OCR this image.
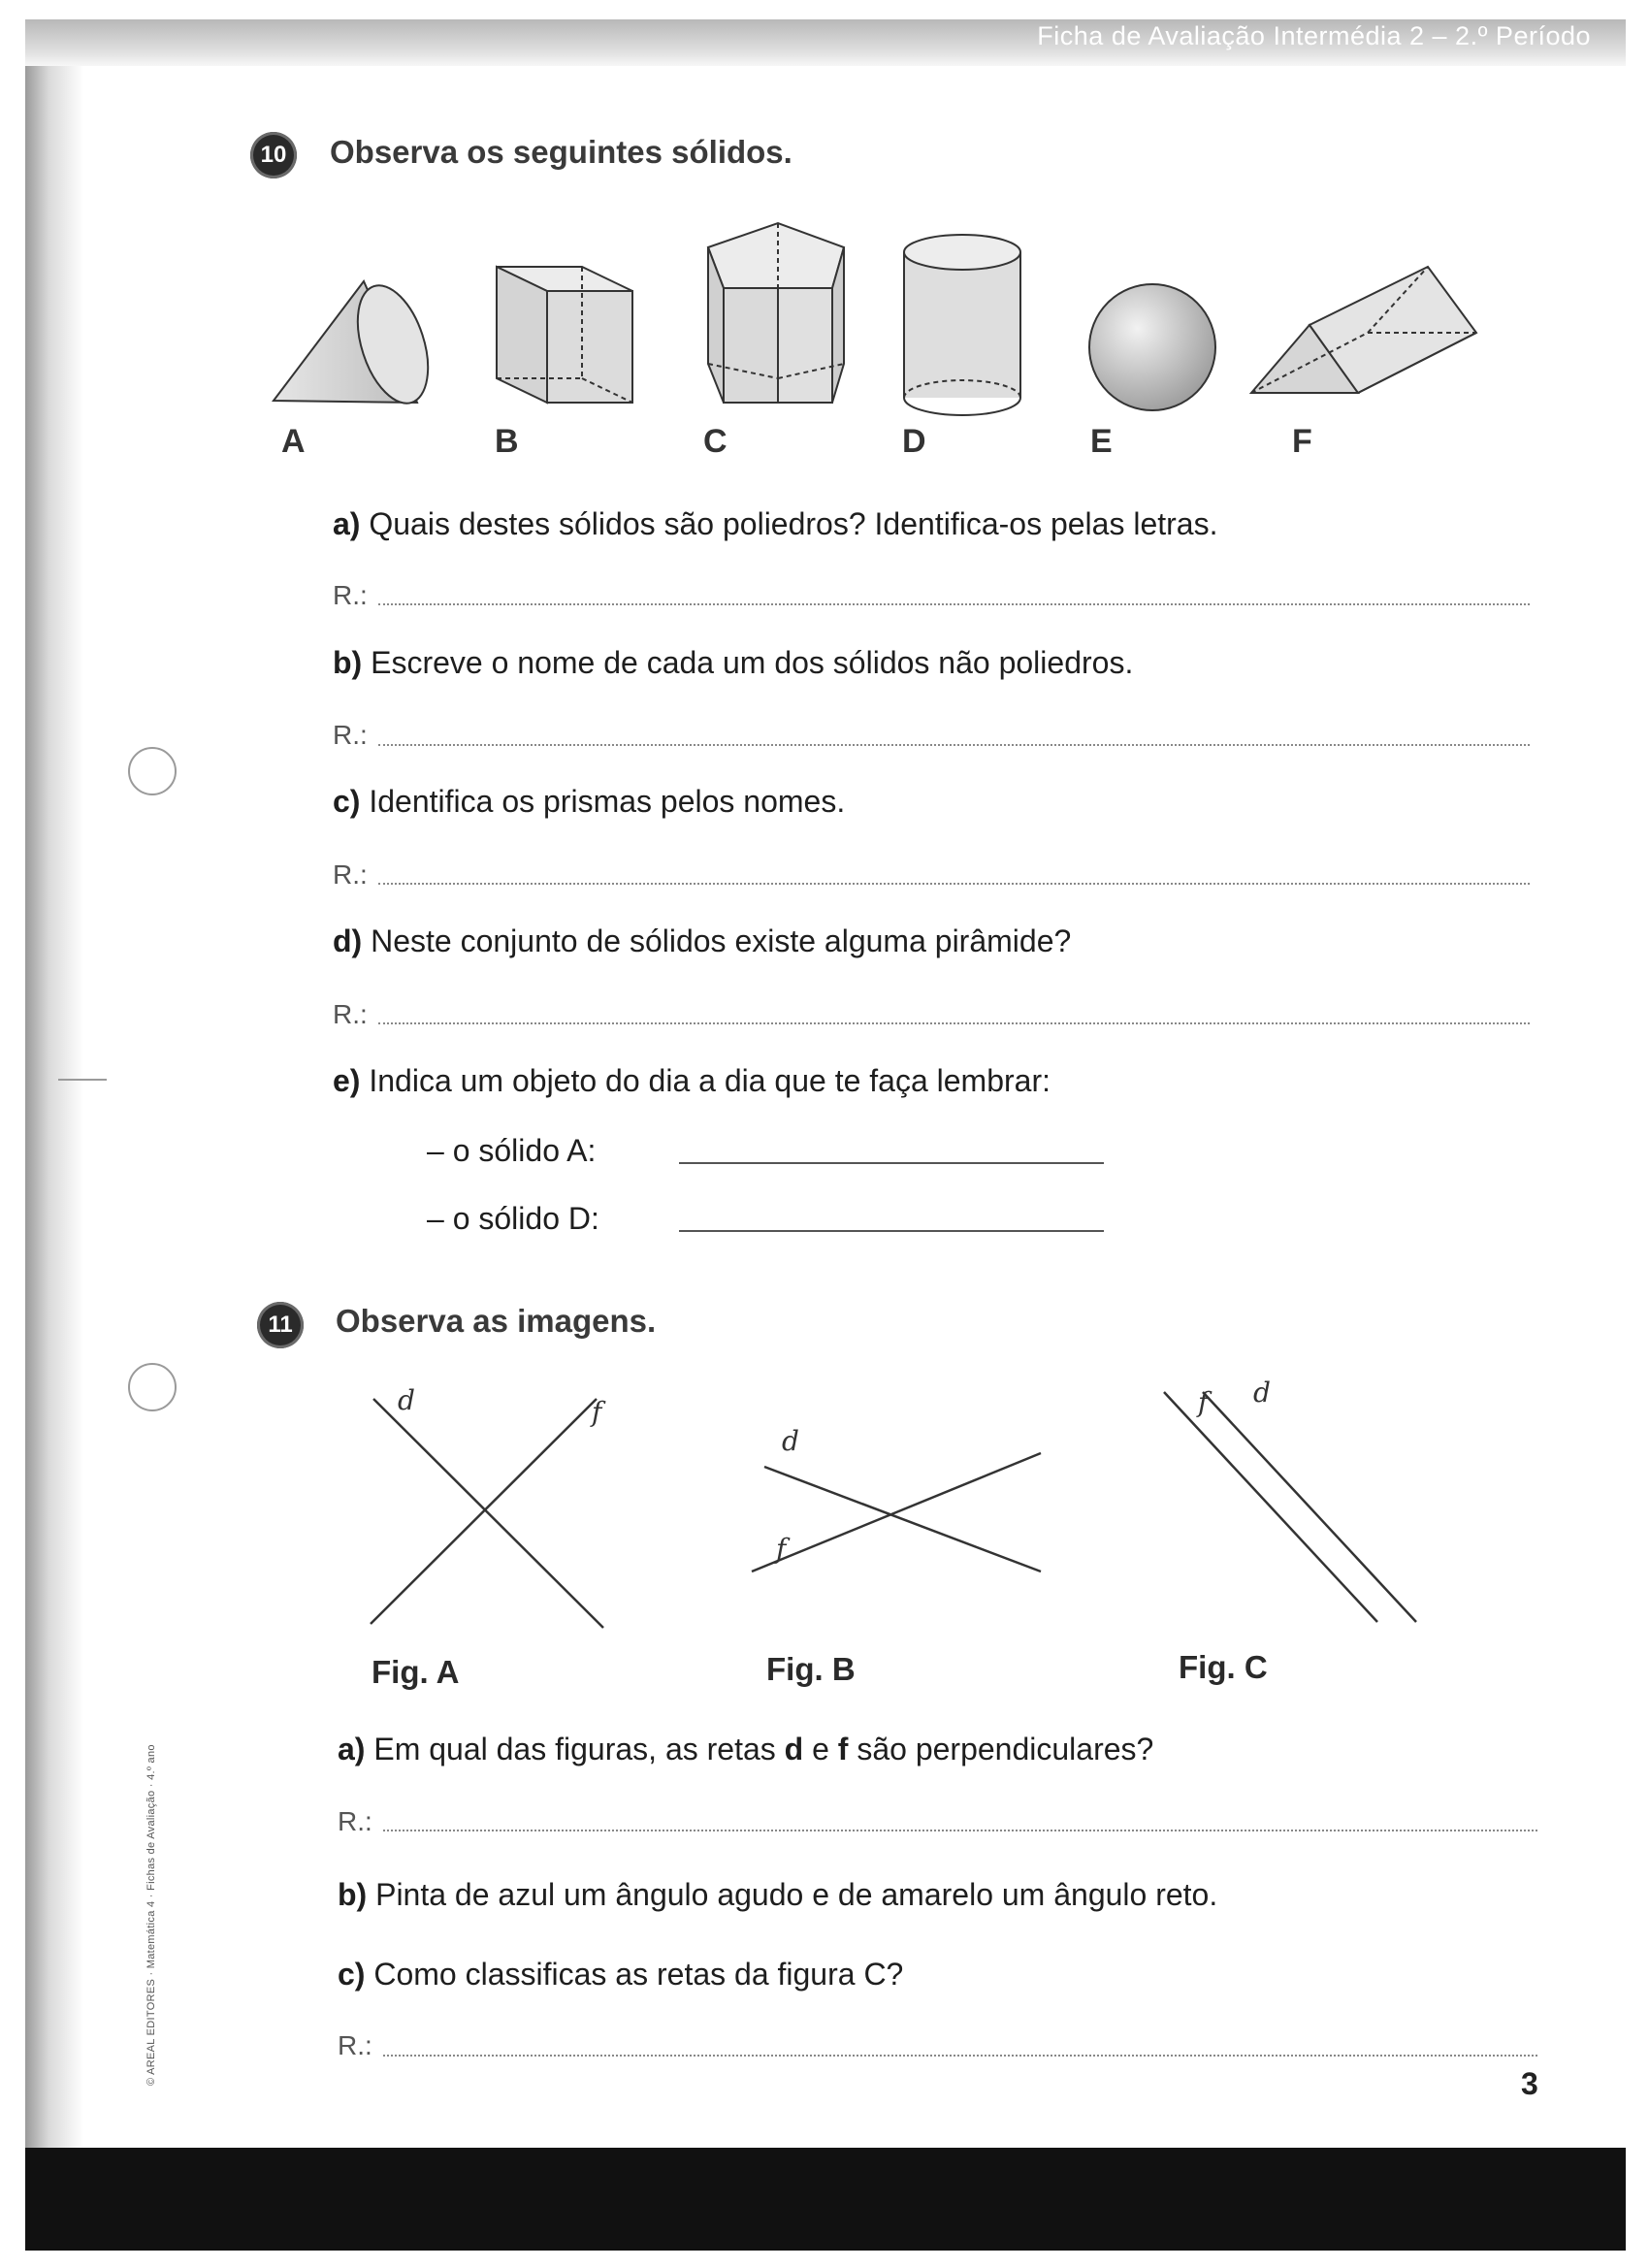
Ficha de Avaliação Intermédia 2 – 2.º Período
© AREAL EDITORES · Matemática 4 · Fichas de Avaliação · 4.º ano
10	Observa os seguintes sólidos.
A	B	C	D	E	F
a) Quais destes sólidos são poliedros? Identifica-os pelas letras.
R.:
b) Escreve o nome de cada um dos sólidos não poliedros.
R.:
c) Identifica os prismas pelos nomes.
R.:
d) Neste conjunto de sólidos existe alguma pirâmide?
R.:
e) Indica um objeto do dia a dia que te faça lembrar:
– o sólido A:
– o sólido D:
11	Observa as imagens.
d	f
d
f
f d
Fig. A	Fig. B	Fig. C
a) Em qual das figuras, as retas d e f são perpendiculares?
R.:
b) Pinta de azul um ângulo agudo e de amarelo um ângulo reto.
c) Como classificas as retas da figura C?
R.:
3
